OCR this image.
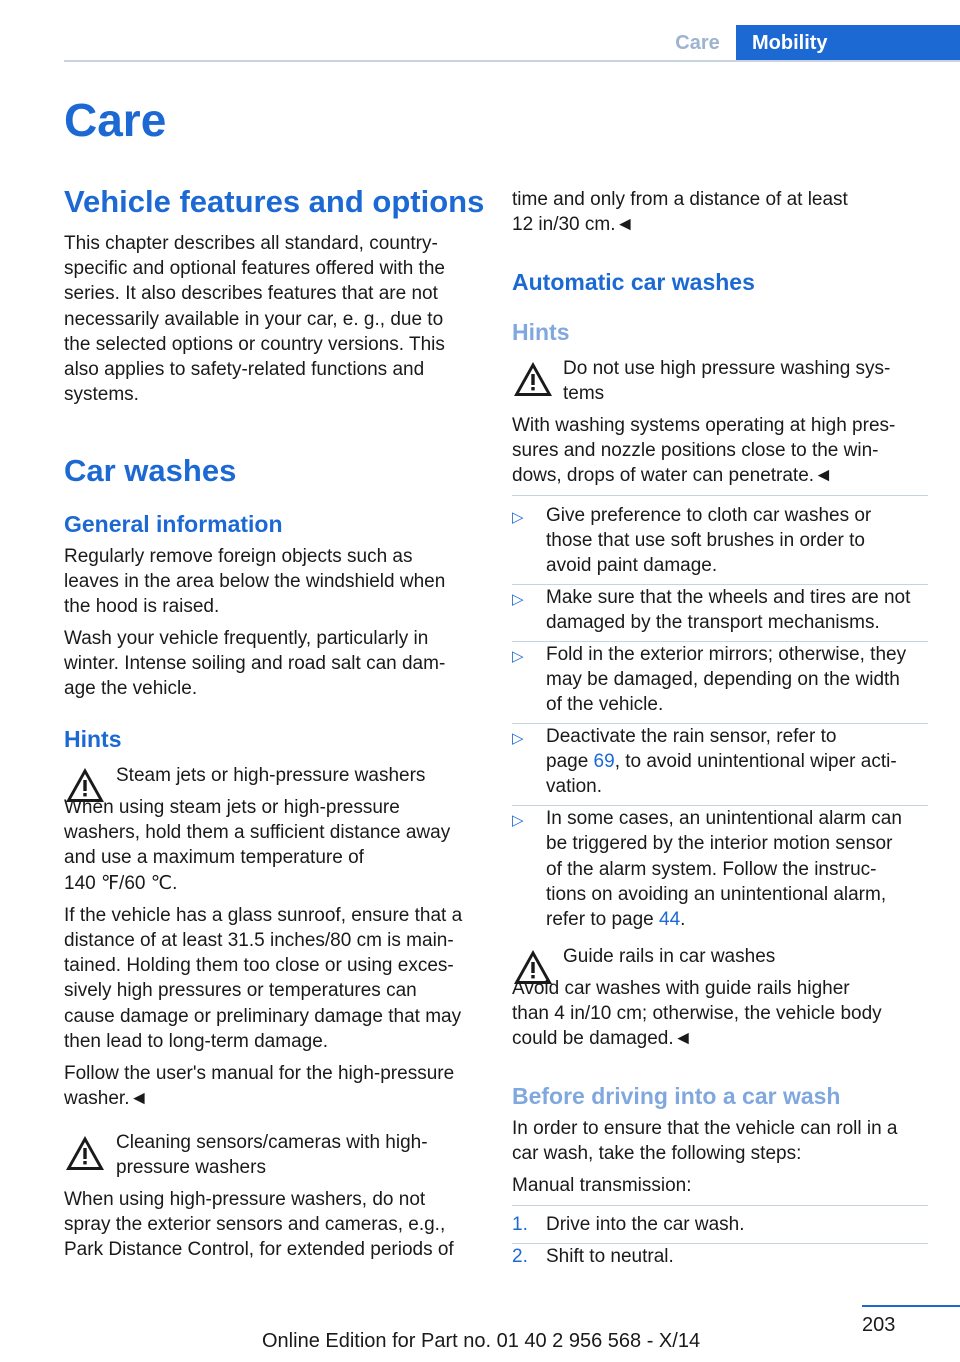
Care	Mobility
Care
Vehicle features and options
This chapter describes all standard, country-
specific and optional features offered with the
series. It also describes features that are not
necessarily available in your car, e. g., due to
the selected options or country versions. This
also applies to safety-related functions and
systems.
Car washes
General information
Regularly remove foreign objects such as
leaves in the area below the windshield when
the hood is raised.
Wash your vehicle frequently, particularly in
winter. Intense soiling and road salt can dam-
age the vehicle.
Hints
Steam jets or high-pressure washers
When using steam jets or high-pressure
washers, hold them a sufficient distance away
and use a maximum temperature of
140 ℉/60 ℃.
If the vehicle has a glass sunroof, ensure that a
distance of at least 31.5 inches/80 cm is main-
tained. Holding them too close or using exces-
sively high pressures or temperatures can
cause damage or preliminary damage that may
then lead to long-term damage.
Follow the user's manual for the high-pressure
washer.◄
Cleaning sensors/cameras with high-
pressure washers
When using high-pressure washers, do not
spray the exterior sensors and cameras, e.g.,
Park Distance Control, for extended periods of
time and only from a distance of at least
12 in/30 cm.◄
Automatic car washes
Hints
Do not use high pressure washing sys-
tems
With washing systems operating at high pres-
sures and nozzle positions close to the win-
dows, drops of water can penetrate.◄
▷ Give preference to cloth car washes or
those that use soft brushes in order to
avoid paint damage.
▷ Make sure that the wheels and tires are not
damaged by the transport mechanisms.
▷ Fold in the exterior mirrors; otherwise, they
may be damaged, depending on the width
of the vehicle.
▷ Deactivate the rain sensor, refer to
page 69, to avoid unintentional wiper acti-
vation.
▷ In some cases, an unintentional alarm can
be triggered by the interior motion sensor
of the alarm system. Follow the instruc-
tions on avoiding an unintentional alarm,
refer to page 44.
Guide rails in car washes
Avoid car washes with guide rails higher
than 4 in/10 cm; otherwise, the vehicle body
could be damaged.◄
Before driving into a car wash
In order to ensure that the vehicle can roll in a
car wash, take the following steps:
Manual transmission:
1. Drive into the car wash.
2. Shift to neutral.
203
Online Edition for Part no. 01 40 2 956 568 - X/14
